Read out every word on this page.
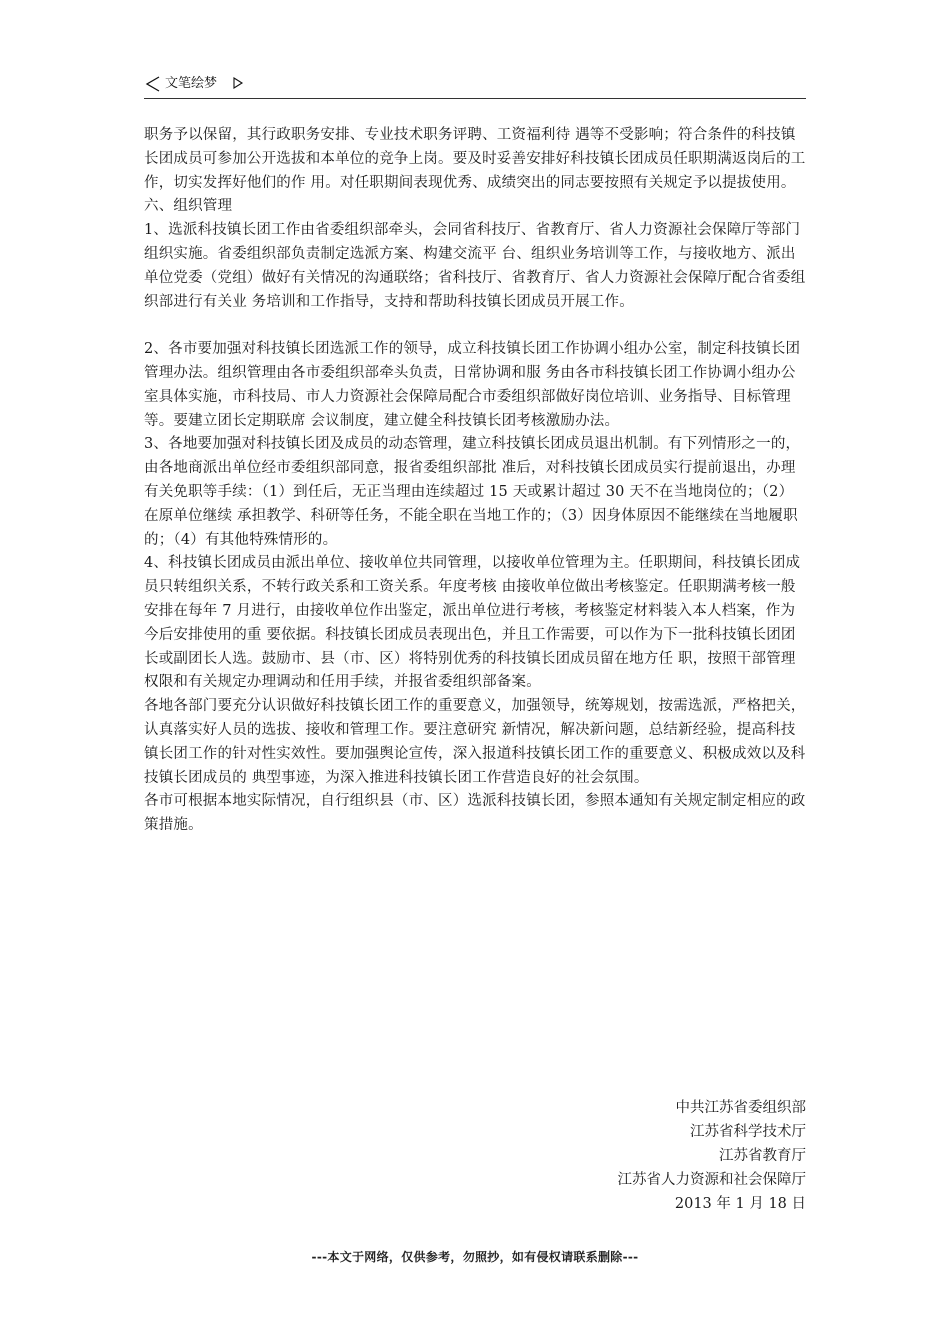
文笔绘梦

职务予以保留，其行政职务安排、专业技术职务评聘、工资福利待 遇等不受影响；符合条件的科技镇长团成员可参加公开选拔和本单位的竞争上岗。要及时妥善安排好科技镇长团成员任职期满返岗后的工作，切实发挥好他们的作 用。对任职期间表现优秀、成绩突出的同志要按照有关规定予以提拔使用。

六、组织管理

1、选派科技镇长团工作由省委组织部牵头，会同省科技厅、省教育厅、省人力资源社会保障厅等部门组织实施。省委组织部负责制定选派方案、构建交流平 台、组织业务培训等工作，与接收地方、派出单位党委（党组）做好有关情况的沟通联络；省科技厅、省教育厅、省人力资源社会保障厅配合省委组织部进行有关业 务培训和工作指导，支持和帮助科技镇长团成员开展工作。

2、各市要加强对科技镇长团选派工作的领导，成立科技镇长团工作协调小组办公室，制定科技镇长团管理办法。组织管理由各市委组织部牵头负责，日常协调和服 务由各市科技镇长团工作协调小组办公室具体实施，市科技局、市人力资源社会保障局配合市委组织部做好岗位培训、业务指导、目标管理等。要建立团长定期联席 会议制度，建立健全科技镇长团考核激励办法。

3、各地要加强对科技镇长团及成员的动态管理，建立科技镇长团成员退出机制。有下列情形之一的，由各地商派出单位经市委组织部同意，报省委组织部批 准后，对科技镇长团成员实行提前退出，办理有关免职等手续：（1）到任后，无正当理由连续超过 15 天或累计超过 30 天不在当地岗位的；（2）在原单位继续 承担教学、科研等任务，不能全职在当地工作的；（3）因身体原因不能继续在当地履职的；（4）有其他特殊情形的。

4、科技镇长团成员由派出单位、接收单位共同管理，以接收单位管理为主。任职期间，科技镇长团成员只转组织关系，不转行政关系和工资关系。年度考核 由接收单位做出考核鉴定。任职期满考核一般安排在每年 7 月进行，由接收单位作出鉴定，派出单位进行考核，考核鉴定材料装入本人档案，作为今后安排使用的重 要依据。科技镇长团成员表现出色，并且工作需要，可以作为下一批科技镇长团团长或副团长人选。鼓励市、县（市、区）将特别优秀的科技镇长团成员留在地方任 职，按照干部管理权限和有关规定办理调动和任用手续，并报省委组织部备案。

各地各部门要充分认识做好科技镇长团工作的重要意义，加强领导，统筹规划，按需选派，严格把关，认真落实好人员的选拔、接收和管理工作。要注意研究 新情况，解决新问题，总结新经验，提高科技镇长团工作的针对性实效性。要加强舆论宣传，深入报道科技镇长团工作的重要意义、积极成效以及科技镇长团成员的 典型事迹，为深入推进科技镇长团工作营造良好的社会氛围。

各市可根据本地实际情况，自行组织县（市、区）选派科技镇长团，参照本通知有关规定制定相应的政策措施。

中共江苏省委组织部
江苏省科学技术厅
江苏省教育厅
江苏省人力资源和社会保障厅
2013 年 1 月 18 日
---本文于网络，仅供参考，勿照抄，如有侵权请联系删除---
